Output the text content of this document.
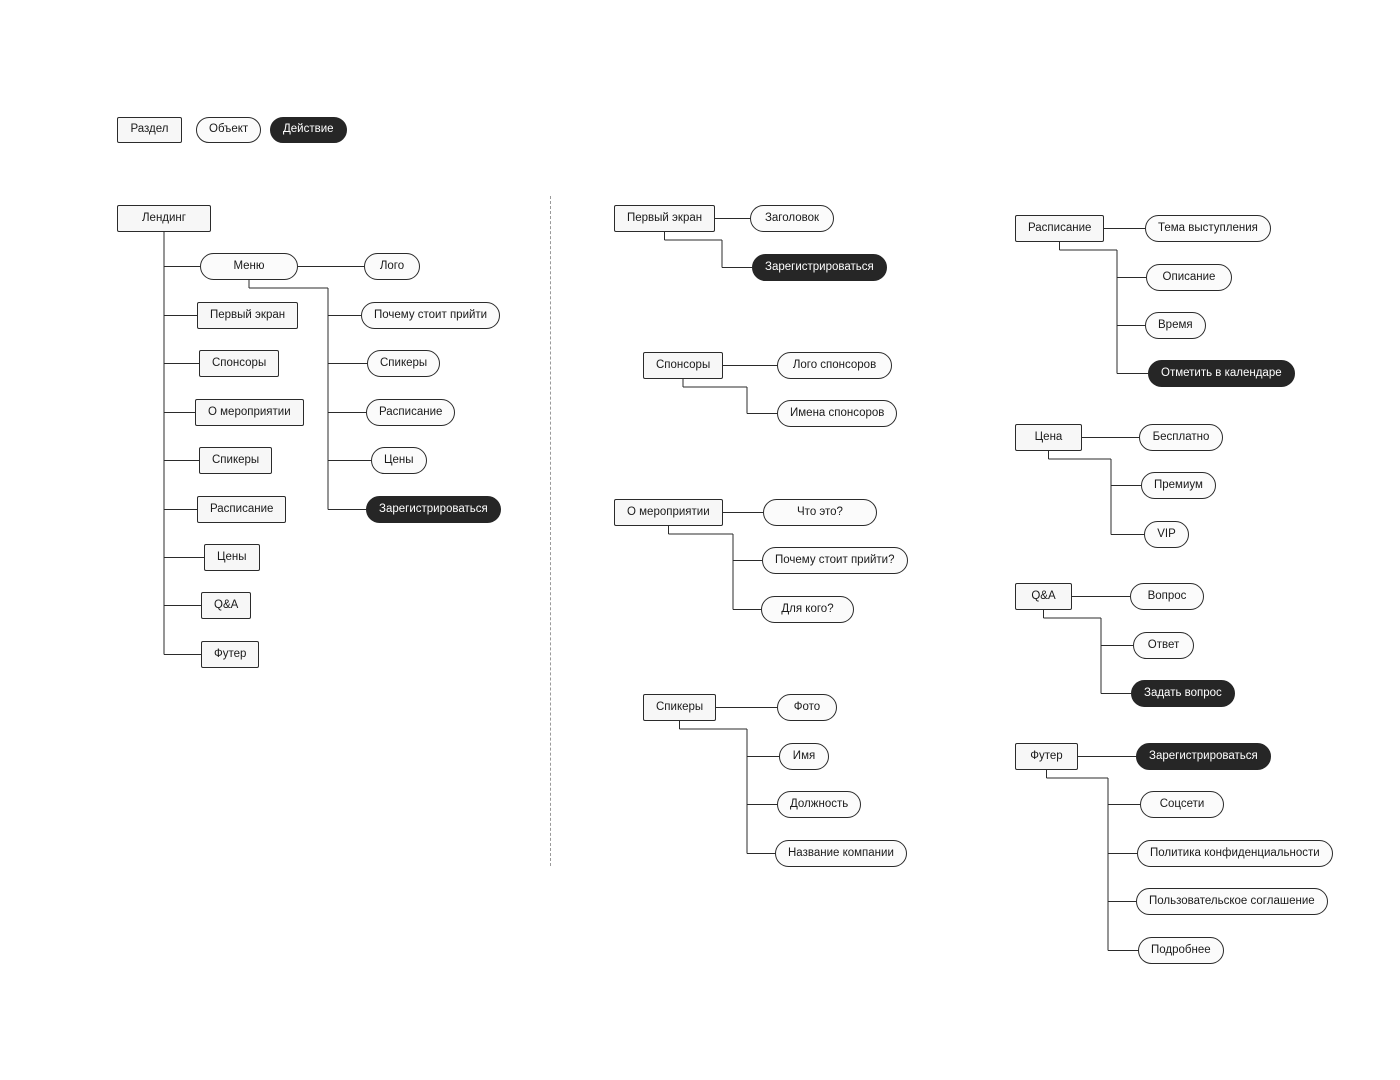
Раздел	Объект	Действие
Лендинг
Меню
Первый экран
Спонсоры
О мероприятии
Спикеры
Расписание
Цены
Q&A
Футер
Лого
Почему стоит прийти
Спикеры
Расписание
Цены
Зарегистрироваться
Первый экран	Заголовок
Зарегистрироваться
Спонсоры	Лого спонсоров
Имена спонсоров
О мероприятии	Что это?
Почему стоит прийти?
Для кого?
Спикеры	Фото
Имя
Должность
Название компании
Расписание	Тема выступления
Описание
Время
Отметить в календаре
Цена	Бесплатно
Премиум
VIP
Q&A	Вопрос
Ответ
Задать вопрос
Футер	Зарегистрироваться
Соцсети
Политика конфиденциальности
Пользовательское соглашение
Подробнее
